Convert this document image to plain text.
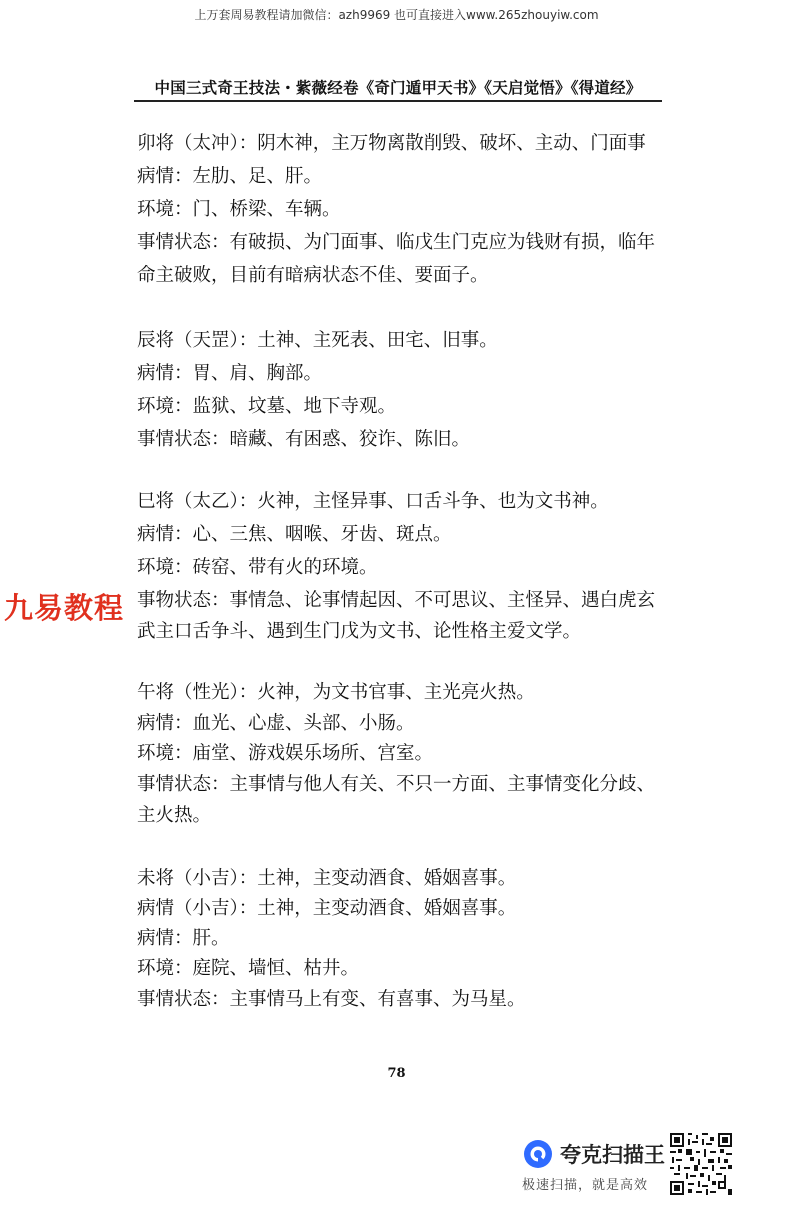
上万套周易教程请加微信：azh9969 也可直接进入www.265zhouyiw.com
中国三式奇王技法・紫薇经卷《奇门遁甲天书》《天启觉悟》《得道经》
卯将（太冲）：阴木神，主万物离散削毁、破坏、主动、门面事
病情：左肋、足、肝。
环境：门、桥梁、车辆。
事情状态：有破损、为门面事、临戊生门克应为钱财有损，临年
命主破败，目前有暗病状态不佳、要面子。
辰将（天罡）：土神、主死表、田宅、旧事。
病情：胃、肩、胸部。
环境：监狱、坟墓、地下寺观。
事情状态：暗藏、有困惑、狡诈、陈旧。
巳将（太乙）：火神，主怪异事、口舌斗争、也为文书神。
病情：心、三焦、咽喉、牙齿、斑点。
环境：砖窑、带有火的环境。
事物状态：事情急、论事情起因、不可思议、主怪异、遇白虎玄
武主口舌争斗、遇到生门戊为文书、论性格主爱文学。
午将（性光）：火神，为文书官事、主光亮火热。
病情：血光、心虚、头部、小肠。
环境：庙堂、游戏娱乐场所、宫室。
事情状态：主事情与他人有关、不只一方面、主事情变化分歧、
主火热。
未将（小吉）：土神，主变动酒食、婚姻喜事。
病情（小吉）：土神，主变动酒食、婚姻喜事。
病情：肝。
环境：庭院、墙恒、枯井。
事情状态：主事情马上有变、有喜事、为马星。
九易教程
78
夸克扫描王
极速扫描，就是高效
